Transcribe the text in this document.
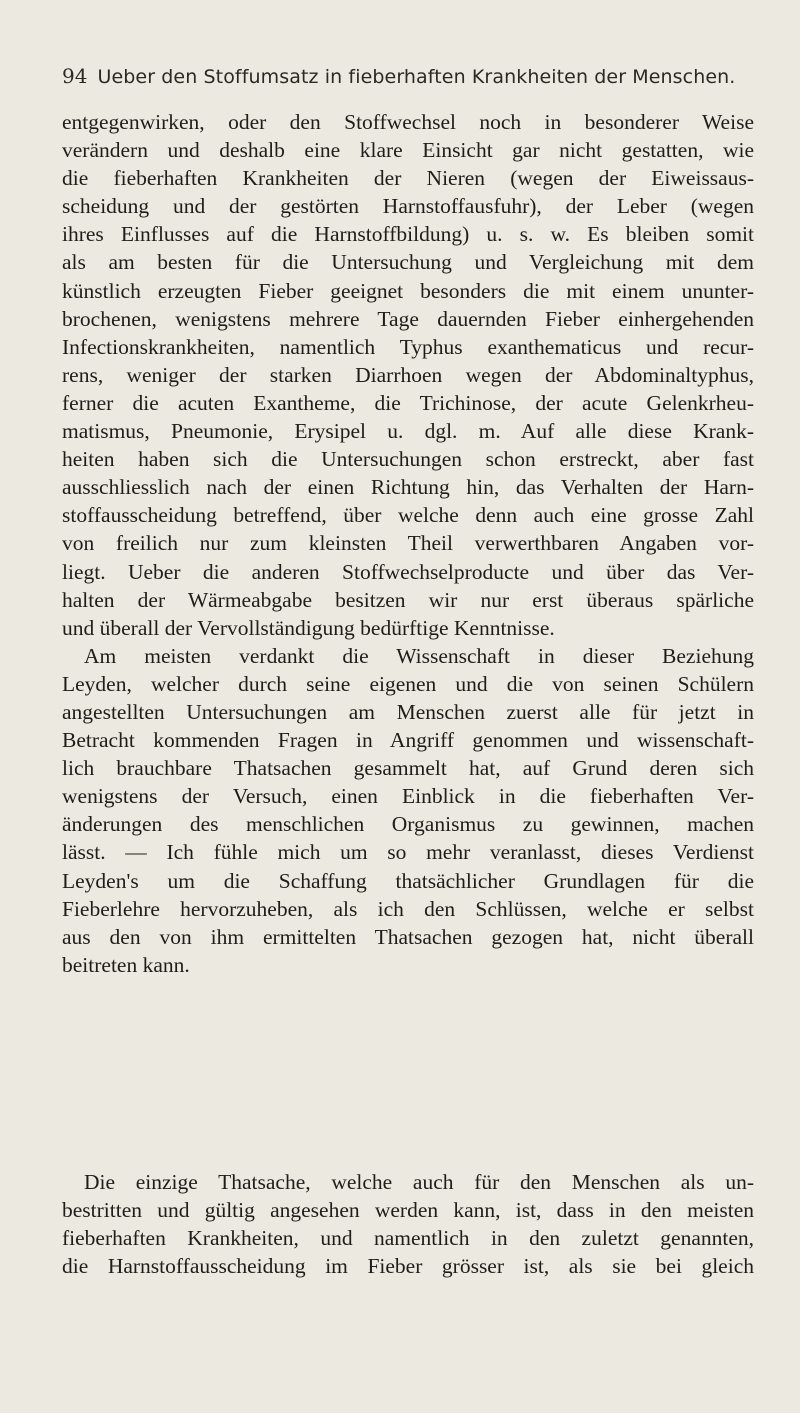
94 Ueber den Stoffumsatz in fieberhaften Krankheiten der Menschen.
entgegenwirken, oder den Stoffwechsel noch in besonderer Weise
verändern und deshalb eine klare Einsicht gar nicht gestatten, wie
die fieberhaften Krankheiten der Nieren (wegen der Eiweissaus-
scheidung und der gestörten Harnstoffausfuhr), der Leber (wegen
ihres Einflusses auf die Harnstoffbildung) u. s. w. Es bleiben somit
als am besten für die Untersuchung und Vergleichung mit dem
künstlich erzeugten Fieber geeignet besonders die mit einem ununter-
brochenen, wenigstens mehrere Tage dauernden Fieber einhergehenden
Infectionskrankheiten, namentlich Typhus exanthematicus und recur-
rens, weniger der starken Diarrhoen wegen der Abdominaltyphus,
ferner die acuten Exantheme, die Trichinose, der acute Gelenkrheu-
matismus, Pneumonie, Erysipel u. dgl. m. Auf alle diese Krank-
heiten haben sich die Untersuchungen schon erstreckt, aber fast
ausschliesslich nach der einen Richtung hin, das Verhalten der Harn-
stoffausscheidung betreffend, über welche denn auch eine grosse Zahl
von freilich nur zum kleinsten Theil verwerthbaren Angaben vor-
liegt. Ueber die anderen Stoffwechselproducte und über das Ver-
halten der Wärmeabgabe besitzen wir nur erst überaus spärliche
und überall der Vervollständigung bedürftige Kenntnisse.
Am meisten verdankt die Wissenschaft in dieser Beziehung
Leyden, welcher durch seine eigenen und die von seinen Schülern
angestellten Untersuchungen am Menschen zuerst alle für jetzt in
Betracht kommenden Fragen in Angriff genommen und wissenschaft-
lich brauchbare Thatsachen gesammelt hat, auf Grund deren sich
wenigstens der Versuch, einen Einblick in die fieberhaften Ver-
änderungen des menschlichen Organismus zu gewinnen, machen
lässt. — Ich fühle mich um so mehr veranlasst, dieses Verdienst
Leyden's um die Schaffung thatsächlicher Grundlagen für die
Fieberlehre hervorzuheben, als ich den Schlüssen, welche er selbst
aus den von ihm ermittelten Thatsachen gezogen hat, nicht überall
beitreten kann.
Die einzige Thatsache, welche auch für den Menschen als un-
bestritten und gültig angesehen werden kann, ist, dass in den meisten
fieberhaften Krankheiten, und namentlich in den zuletzt genannten,
die Harnstoffausscheidung im Fieber grösser ist, als sie bei gleich
